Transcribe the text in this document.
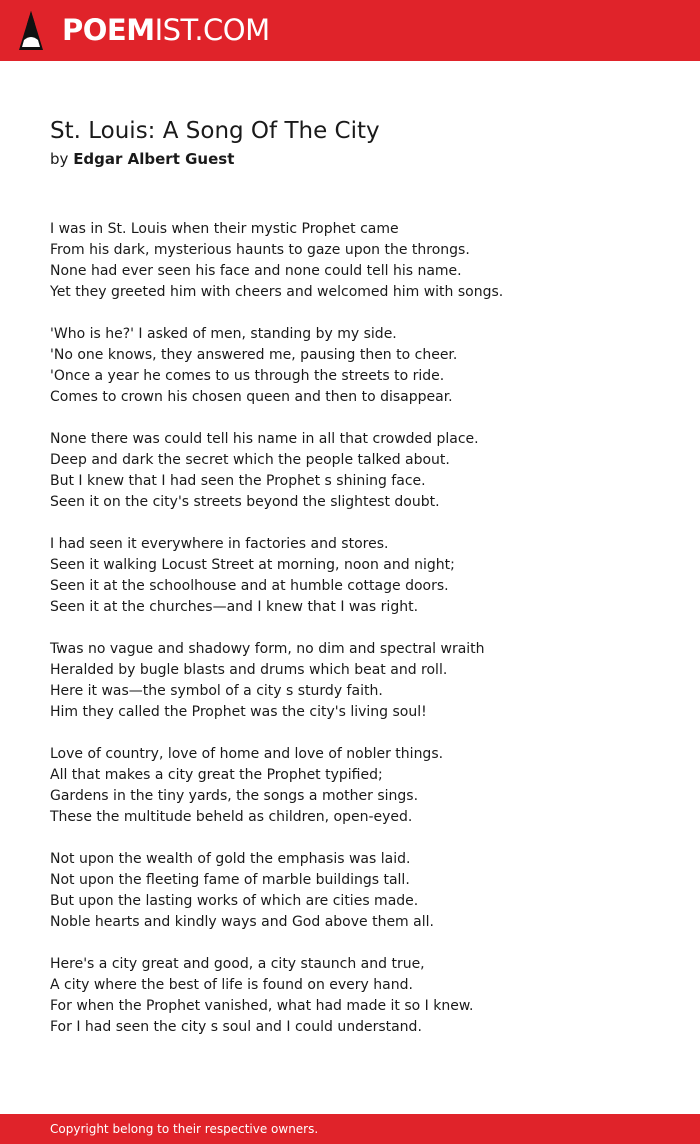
POEMIST.COM
St. Louis: A Song Of The City
by Edgar Albert Guest
I was in St. Louis when their mystic Prophet came
From his dark, mysterious haunts to gaze upon the throngs.
None had ever seen his face and none could tell his name.
Yet they greeted him with cheers and welcomed him with songs.
'Who is he?' I asked of men, standing by my side.
'No one knows, they answered me, pausing then to cheer.
'Once a year he comes to us through the streets to ride.
Comes to crown his chosen queen and then to disappear.
None there was could tell his name in all that crowded place.
Deep and dark the secret which the people talked about.
But I knew that I had seen the Prophet s shining face.
Seen it on the city's streets beyond the slightest doubt.
I had seen it everywhere in factories and stores.
Seen it walking Locust Street at morning, noon and night;
Seen it at the schoolhouse and at humble cottage doors.
Seen it at the churches—and I knew that I was right.
Twas no vague and shadowy form, no dim and spectral wraith
Heralded by bugle blasts and drums which beat and roll.
Here it was—the symbol of a city s sturdy faith.
Him they called the Prophet was the city's living soul!
Love of country, love of home and love of nobler things.
All that makes a city great the Prophet typified;
Gardens in the tiny yards, the songs a mother sings.
These the multitude beheld as children, open-eyed.
Not upon the wealth of gold the emphasis was laid.
Not upon the fleeting fame of marble buildings tall.
But upon the lasting works of which are cities made.
Noble hearts and kindly ways and God above them all.
Here's a city great and good, a city staunch and true,
A city where the best of life is found on every hand.
For when the Prophet vanished, what had made it so I knew.
For I had seen the city s soul and I could understand.
Copyright belong to their respective owners.
